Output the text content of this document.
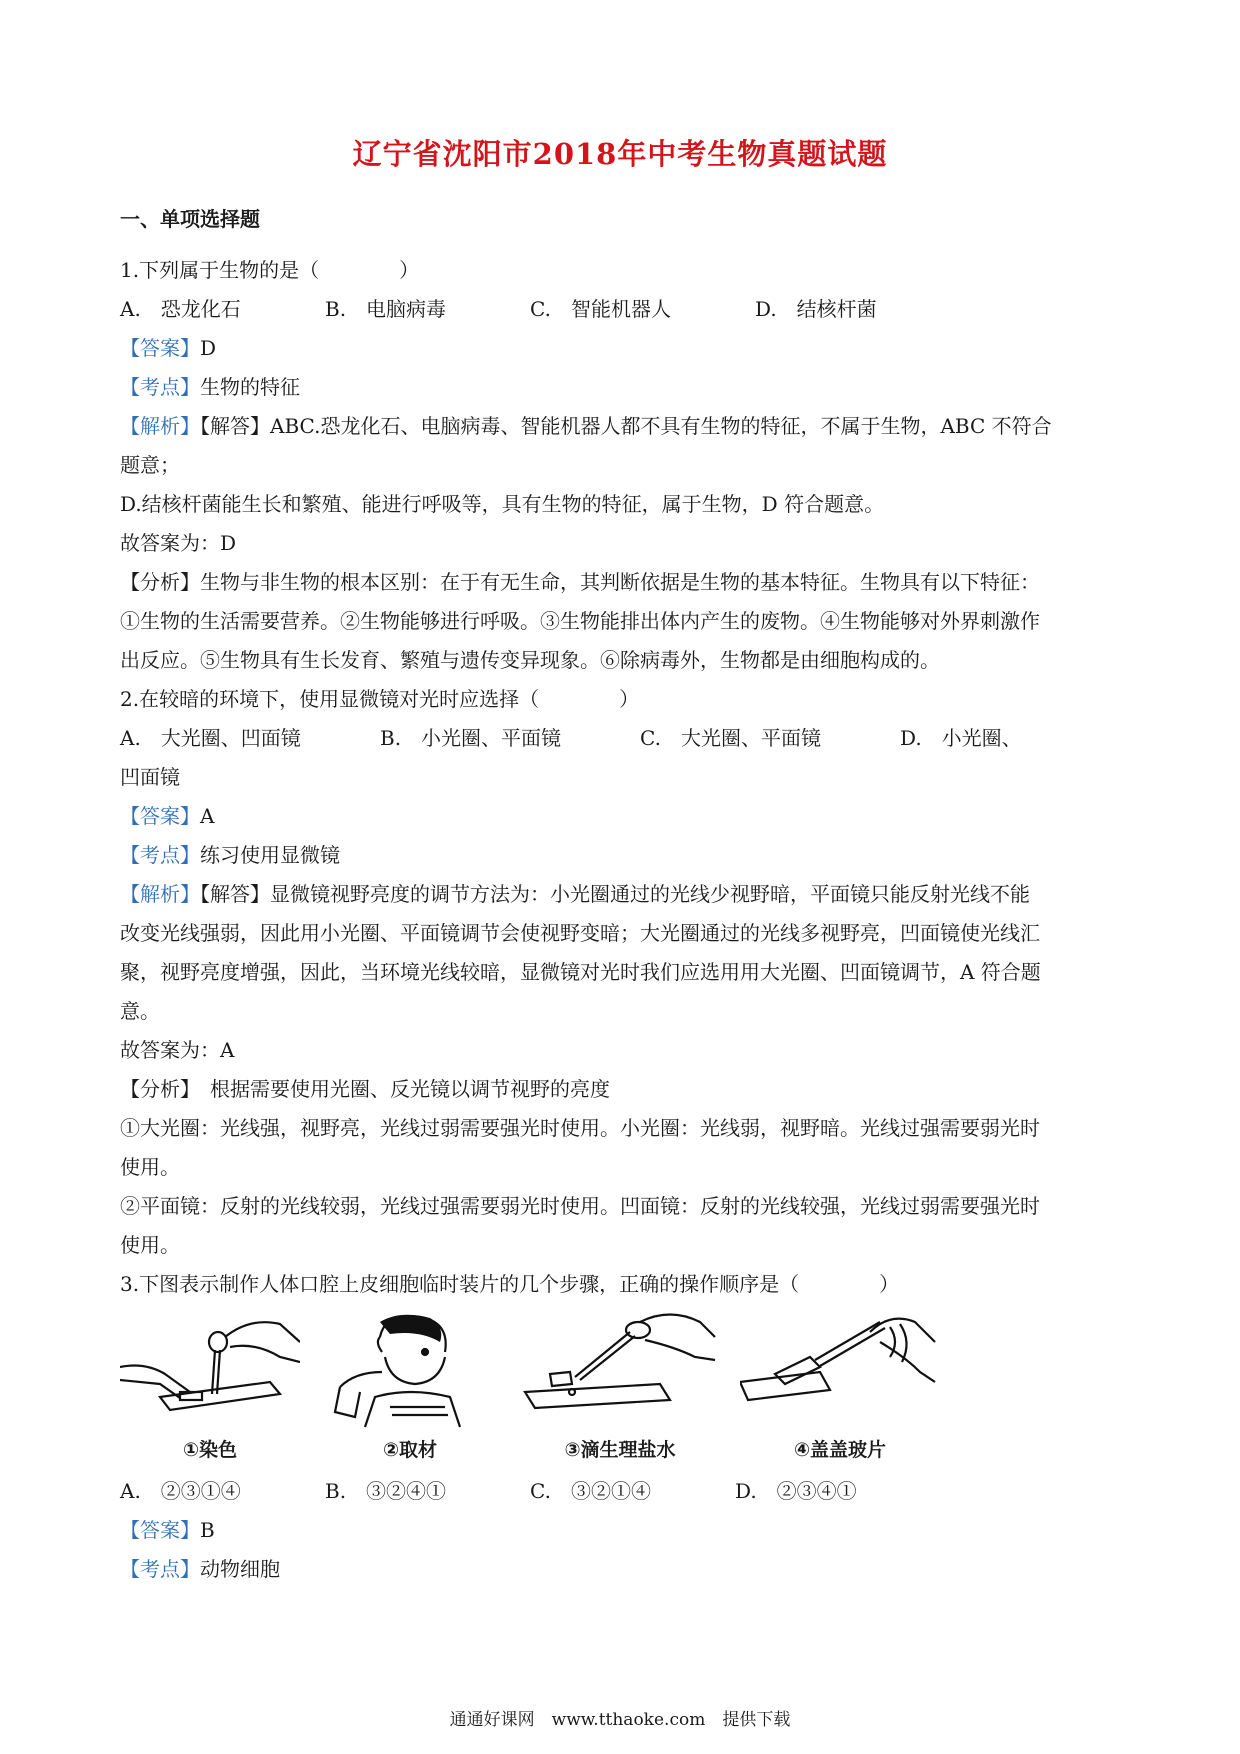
辽宁省沈阳市2018年中考生物真题试题
一、单项选择题
1.下列属于生物的是（　　　　）
A.　恐龙化石	B.　电脑病毒	C.　智能机器人	D.　结核杆菌
【答案】D
【考点】生物的特征
【解析】【解答】ABC.恐龙化石、电脑病毒、智能机器人都不具有生物的特征，不属于生物，ABC 不符合
题意；
D.结核杆菌能生长和繁殖、能进行呼吸等，具有生物的特征，属于生物，D 符合题意。
故答案为：D
【分析】生物与非生物的根本区别：在于有无生命，其判断依据是生物的基本特征。生物具有以下特征：
①生物的生活需要营养。②生物能够进行呼吸。③生物能排出体内产生的废物。④生物能够对外界刺激作
出反应。⑤生物具有生长发育、繁殖与遗传变异现象。⑥除病毒外，生物都是由细胞构成的。
2.在较暗的环境下，使用显微镜对光时应选择（　　　　）
A.　大光圈、凹面镜	B.　小光圈、平面镜	C.　大光圈、平面镜	D.　小光圈、
凹面镜
【答案】A
【考点】练习使用显微镜
【解析】【解答】显微镜视野亮度的调节方法为：小光圈通过的光线少视野暗，平面镜只能反射光线不能
改变光线强弱，因此用小光圈、平面镜调节会使视野变暗；大光圈通过的光线多视野亮，凹面镜使光线汇
聚，视野亮度增强，因此，当环境光线较暗，显微镜对光时我们应选用用大光圈、凹面镜调节，A 符合题
意。
故答案为：A
【分析】　根据需要使用光圈、反光镜以调节视野的亮度
①大光圈：光线强，视野亮，光线过弱需要强光时使用。小光圈：光线弱，视野暗。光线过强需要弱光时
使用。
②平面镜：反射的光线较弱，光线过强需要弱光时使用。凹面镜：反射的光线较强，光线过弱需要强光时
使用。
3.下图表示制作人体口腔上皮细胞临时装片的几个步骤，正确的操作顺序是（　　　　）
①染色	②取材	③滴生理盐水	④盖盖玻片
A.　②③①④	B.　③②④①	C.　③②①④	D.　②③④①
【答案】B
【考点】动物细胞
通通好课网　www.tthaoke.com　提供下载
